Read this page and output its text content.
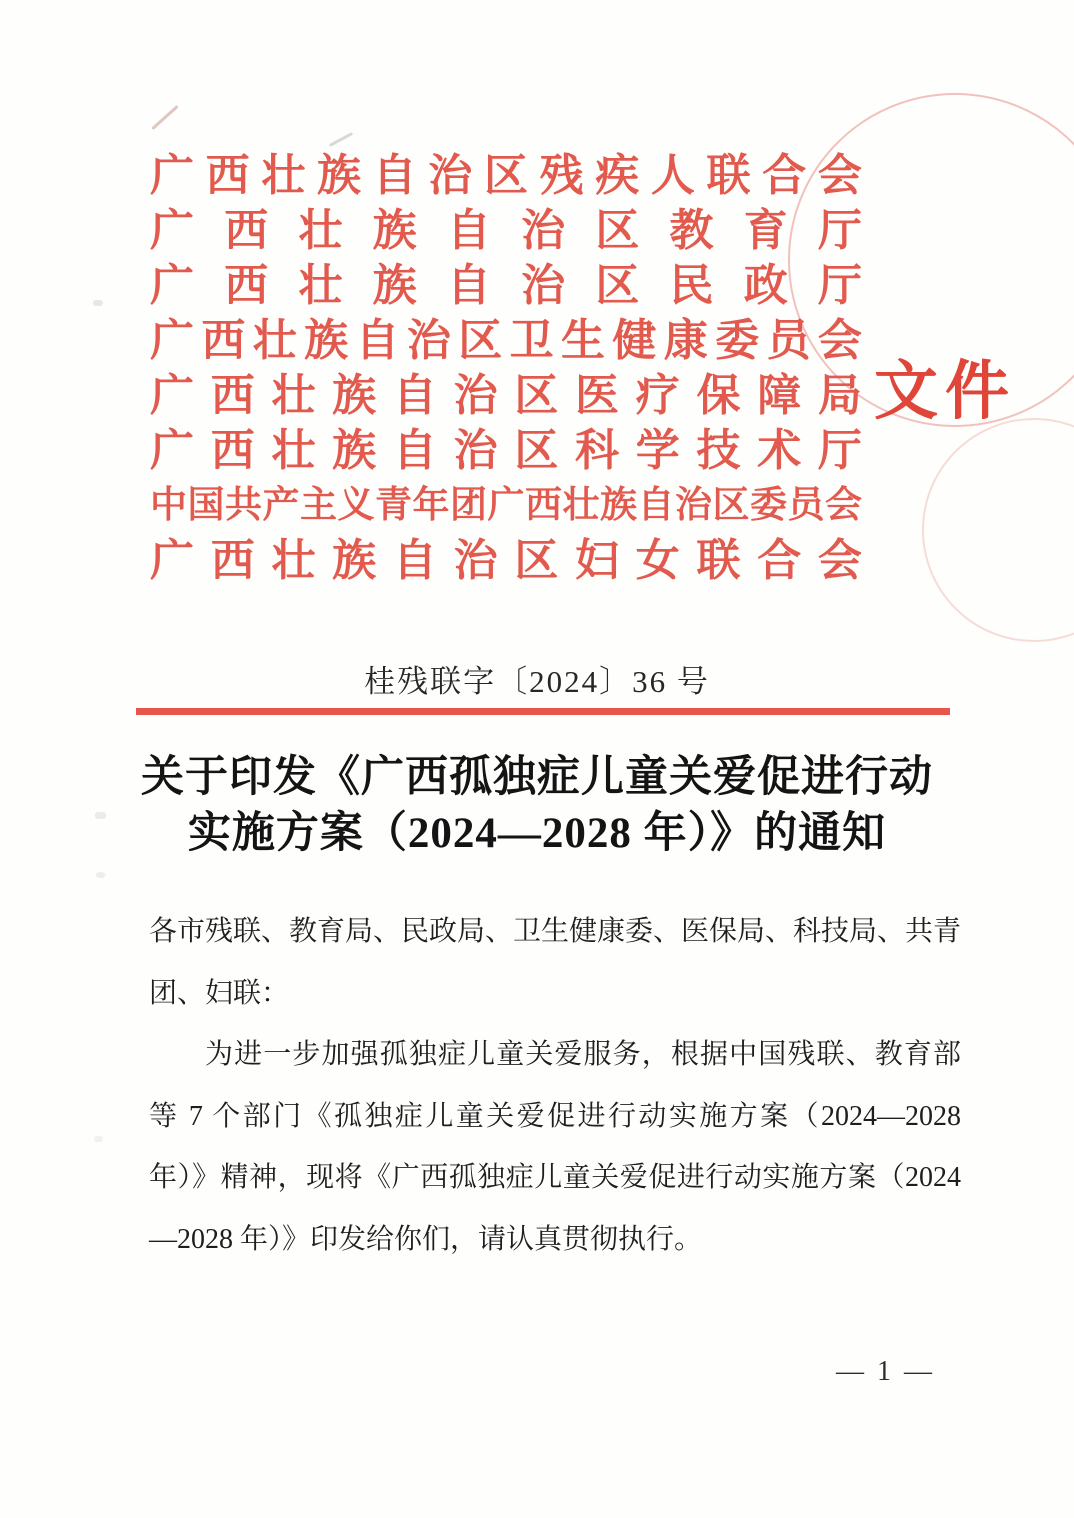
广 西 壮 族 自 治 区 残 疾 人 联 合 会
广 西 壮 族 自 治 区 教 育 厅
广 西 壮 族 自 治 区 民 政 厅
广 西 壮 族 自 治 区 卫 生 健 康 委 员 会
广 西 壮 族 自 治 区 医 疗 保 障 局
广 西 壮 族 自 治 区 科 学 技 术 厅
中 国 共 产 主 义 青 年 团 广 西 壮 族 自 治 区 委 员 会
广 西 壮 族 自 治 区 妇 女 联 合 会
文件
桂残联字〔2024〕36 号
关于印发《广西孤独症儿童关爱促进行动
实施方案（2024—2028 年）》的通知
各市残联、教育局、民政局、卫生健康委、医保局、科技局、共青
团、妇联：
为进一步加强孤独症儿童关爱服务，根据中国残联、教育部
等 7 个部门《孤独症儿童关爱促进行动实施方案（2024—2028
年）》精神，现将《广西孤独症儿童关爱促进行动实施方案（2024
—2028 年）》印发给你们，请认真贯彻执行。
— 1 —
